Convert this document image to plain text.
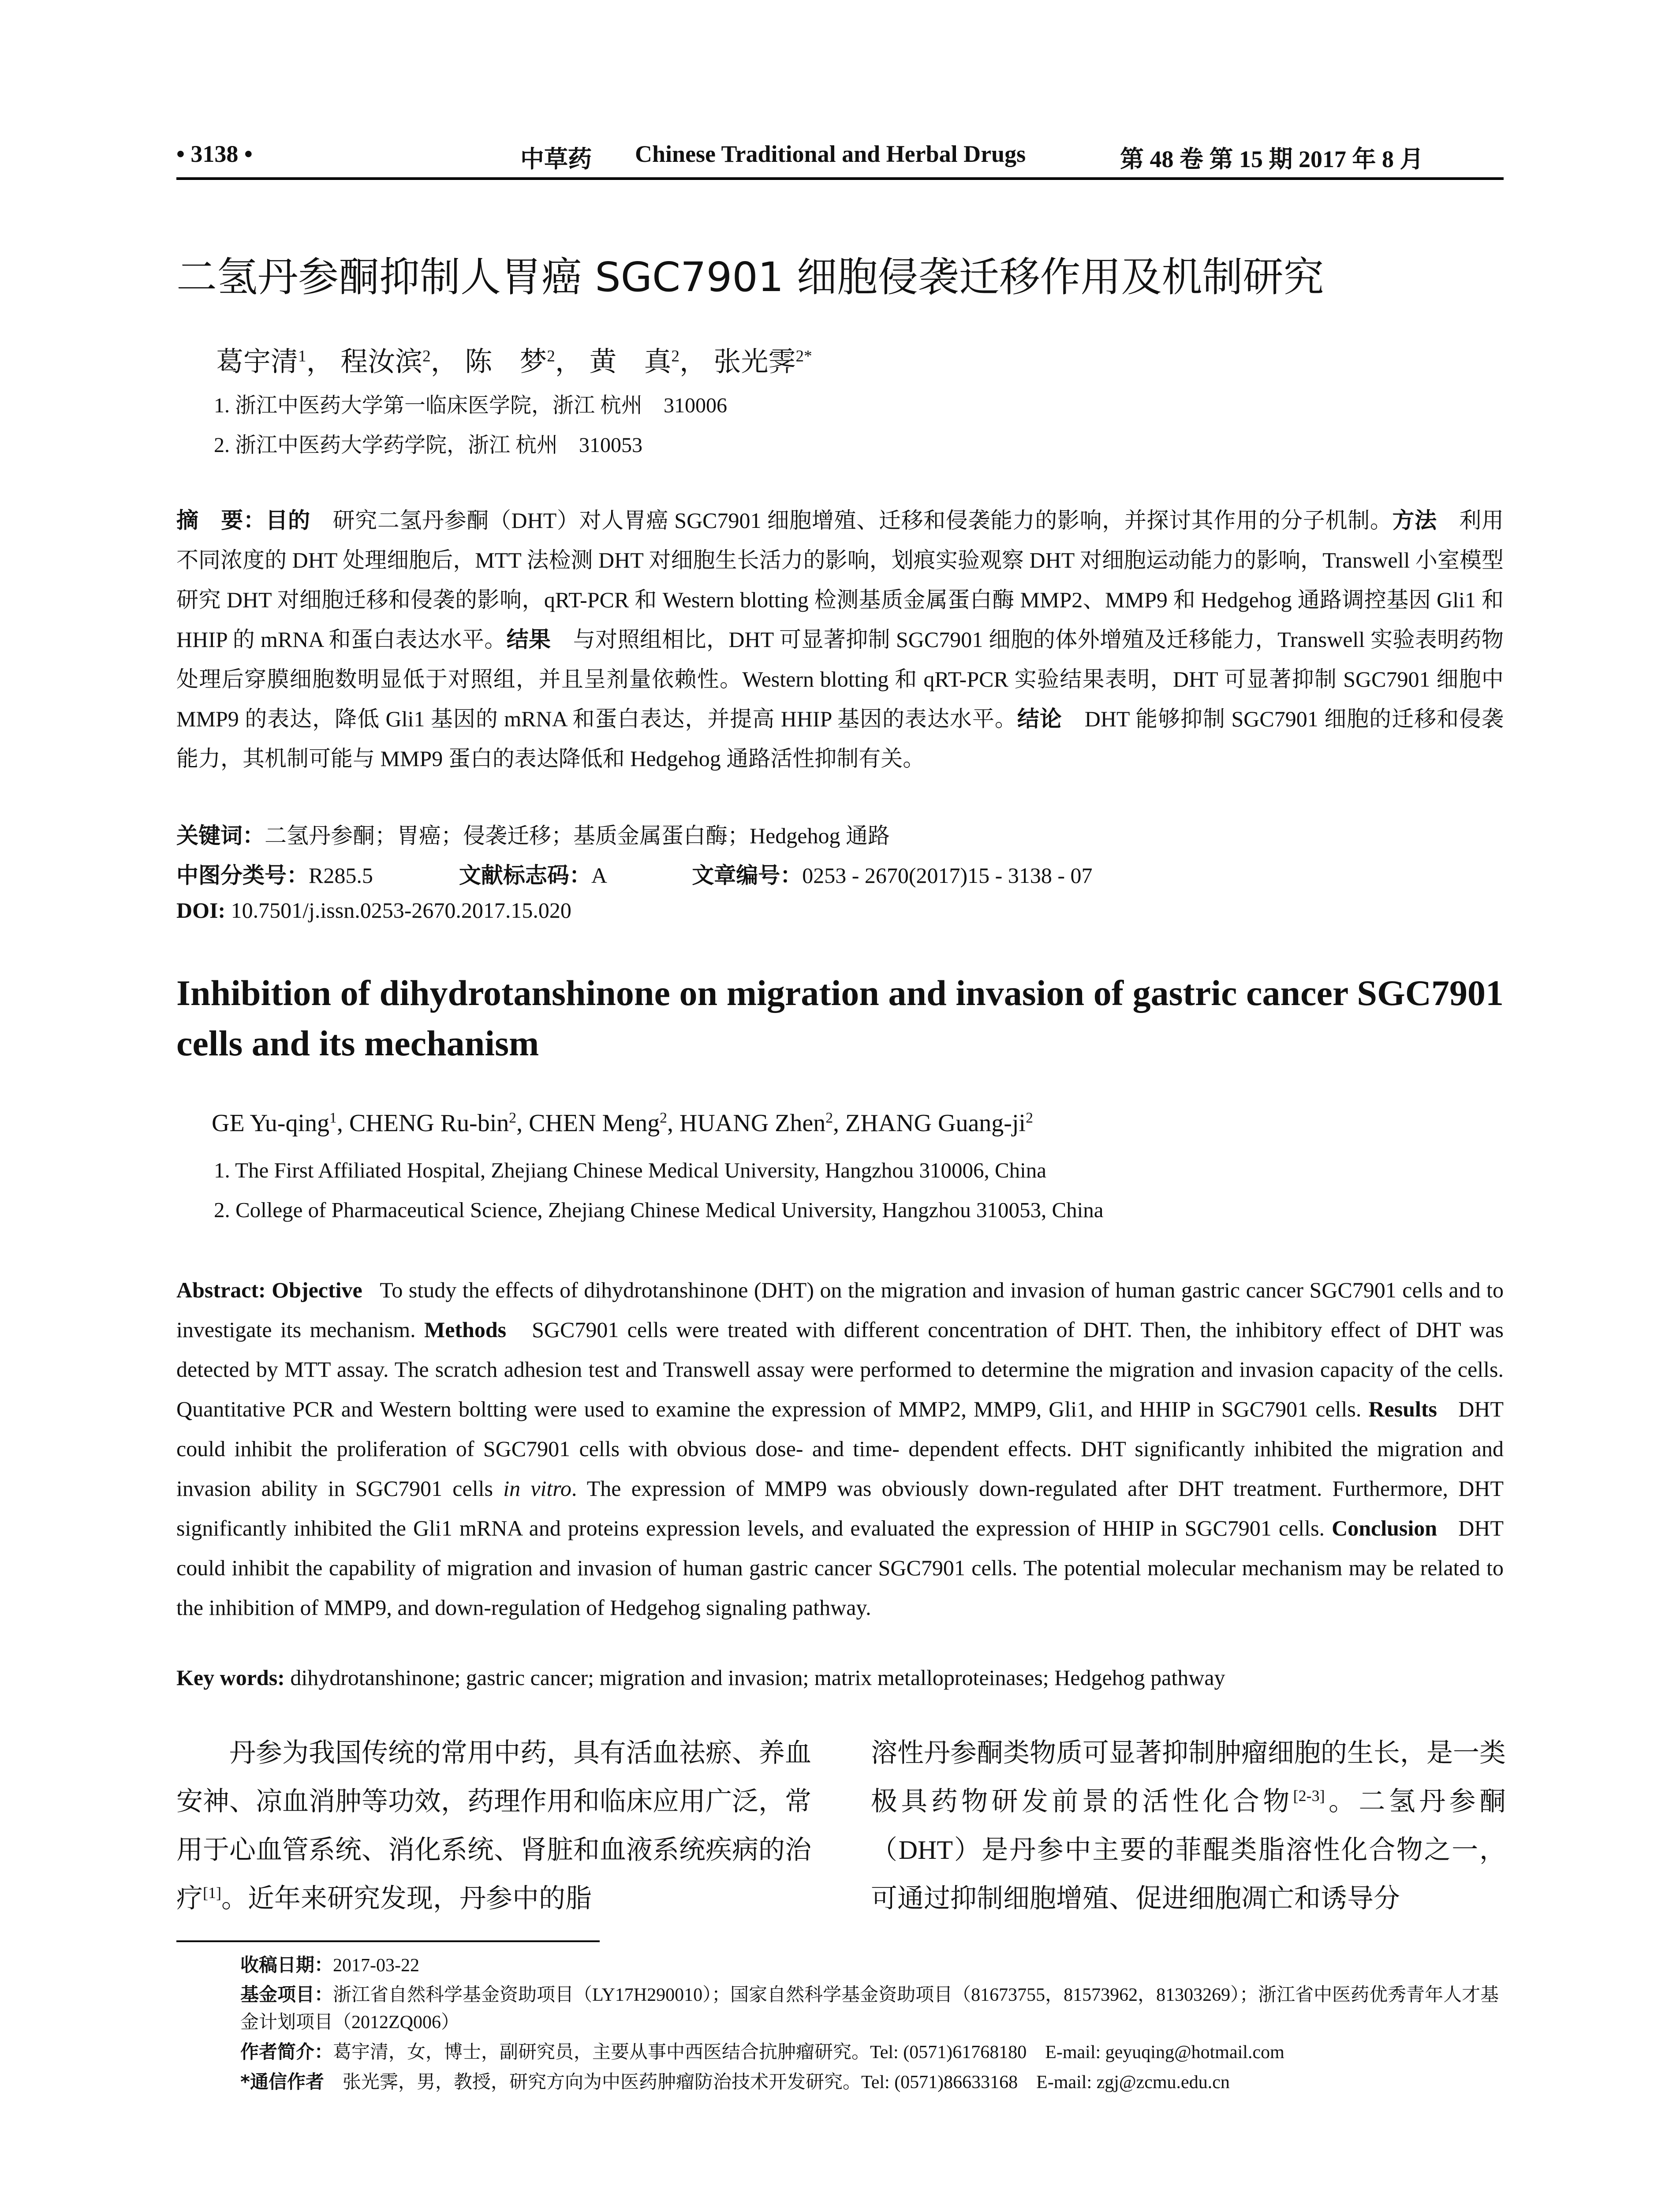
• 3138 •	中草药 Chinese Traditional and Herbal Drugs	第 48 卷 第 15 期 2017 年 8 月
二氢丹参酮抑制人胃癌 SGC7901 细胞侵袭迁移作用及机制研究
葛宇清$^1$， 程汝滨$^2$， 陈　梦$^2$， 黄　真$^2$， 张光霁$^{2*}$
1. 浙江中医药大学第一临床医学院，浙江 杭州　310006
2. 浙江中医药大学药学院，浙江 杭州　310053
摘　要：目的　 研究二氢丹参酮（DHT）对人胃癌 SGC7901 细胞增殖、迁移和侵袭能力的影响，并探讨其作用的分子机制。方法　 利用不同浓度的 DHT 处理细胞后，MTT 法检测 DHT 对细胞生长活力的影响，划痕实验观察 DHT 对细胞运动能力的影响，Transwell 小室模型研究 DHT 对细胞迁移和侵袭的影响，qRT-PCR 和 Western blotting 检测基质金属蛋白酶 MMP2、MMP9 和 Hedgehog 通路调控基因 Gli1 和 HHIP 的 mRNA 和蛋白表达水平。结果　 与对照组相比，DHT 可显著抑制 SGC7901 细胞的体外增殖及迁移能力，Transwell 实验表明药物处理后穿膜细胞数明显低于对照组，并且呈剂量依赖性。Western blotting 和 qRT-PCR 实验结果表明，DHT 可显著抑制 SGC7901 细胞中 MMP9 的表达，降低 Gli1 基因的 mRNA 和蛋白表达，并提高 HHIP 基因的表达水平。结论　 DHT 能够抑制 SGC7901 细胞的迁移和侵袭能力，其机制可能与 MMP9 蛋白的表达降低和 Hedgehog 通路活性抑制有关。
关键词：二氢丹参酮；胃癌；侵袭迁移；基质金属蛋白酶；Hedgehog 通路
中图分类号：R285.5	文献标志码：A	文章编号：0253 - 2670(2017)15 - 3138 - 07
DOI: 10.7501/j.issn.0253-2670.2017.15.020
Inhibition of dihydrotanshinone on migration and invasion of gastric cancer SGC7901 cells and its mechanism
GE Yu-qing$^1$, CHENG Ru-bin$^2$, CHEN Meng$^2$, HUANG Zhen$^2$, ZHANG Guang-$ji^2$
1. The First Affiliated Hospital, Zhejiang Chinese Medical University, Hangzhou 310006, China
2. College of Pharmaceutical Science, Zhejiang Chinese Medical University, Hangzhou 310053, China
Abstract: Objective To study the effects of dihydrotanshinone (DHT) on the migration and invasion of human gastric cancer SGC7901 cells and to investigate its mechanism. Methods SGC7901 cells were treated with different concentration of DHT. Then, the inhibitory effect of DHT was detected by MTT assay. The scratch adhesion test and Transwell assay were performed to determine the migration and invasion capacity of the cells. Quantitative PCR and Western boltting were used to examine the expression of MMP2, MMP9, Gli1, and HHIP in SGC7901 cells. Results DHT could inhibit the proliferation of SGC7901 cells with obvious dose- and time- dependent effects. DHT significantly inhibited the migration and invasion ability in SGC7901 cells in vitro. The expression of MMP9 was obviously down-regulated after DHT treatment. Furthermore, DHT significantly inhibited the Gli1 mRNA and proteins expression levels, and evaluated the expression of HHIP in SGC7901 cells. Conclusion DHT could inhibit the capability of migration and invasion of human gastric cancer SGC7901 cells. The potential molecular mechanism may be related to the inhibition of MMP9, and down-regulation of Hedgehog signaling pathway.
Key words: dihydrotanshinone; gastric cancer; migration and invasion; matrix metalloproteinases; Hedgehog pathway
丹参为我国传统的常用中药，具有活血祛瘀、养血安神、凉血消肿等功效，药理作用和临床应用广泛，常用于心血管系统、消化系统、肾脏和血液系统疾病的治疗[1]。近年来研究发现，丹参中的脂
溶性丹参酮类物质可显著抑制肿瘤细胞的生长，是一类极具药物研发前景的活性化合物[2-3]。二氢丹参酮（DHT）是丹参中主要的菲醌类脂溶性化合物之一，可通过抑制细胞增殖、促进细胞凋亡和诱导分
收稿日期：2017-03-22
基金项目：浙江省自然科学基金资助项目（LY17H290010）；国家自然科学基金资助项目（81673755，81573962，81303269）；浙江省中医药优秀青年人才基金计划项目（2012ZQ006）
作者简介：葛宇清，女，博士，副研究员，主要从事中西医结合抗肿瘤研究。Tel: (0571)61768180　E-mail: geyuqing@hotmail.com
*通信作者　 张光霁，男，教授，研究方向为中医药肿瘤防治技术开发研究。Tel: (0571)86633168　E-mail: zgj@zcmu.edu.cn
